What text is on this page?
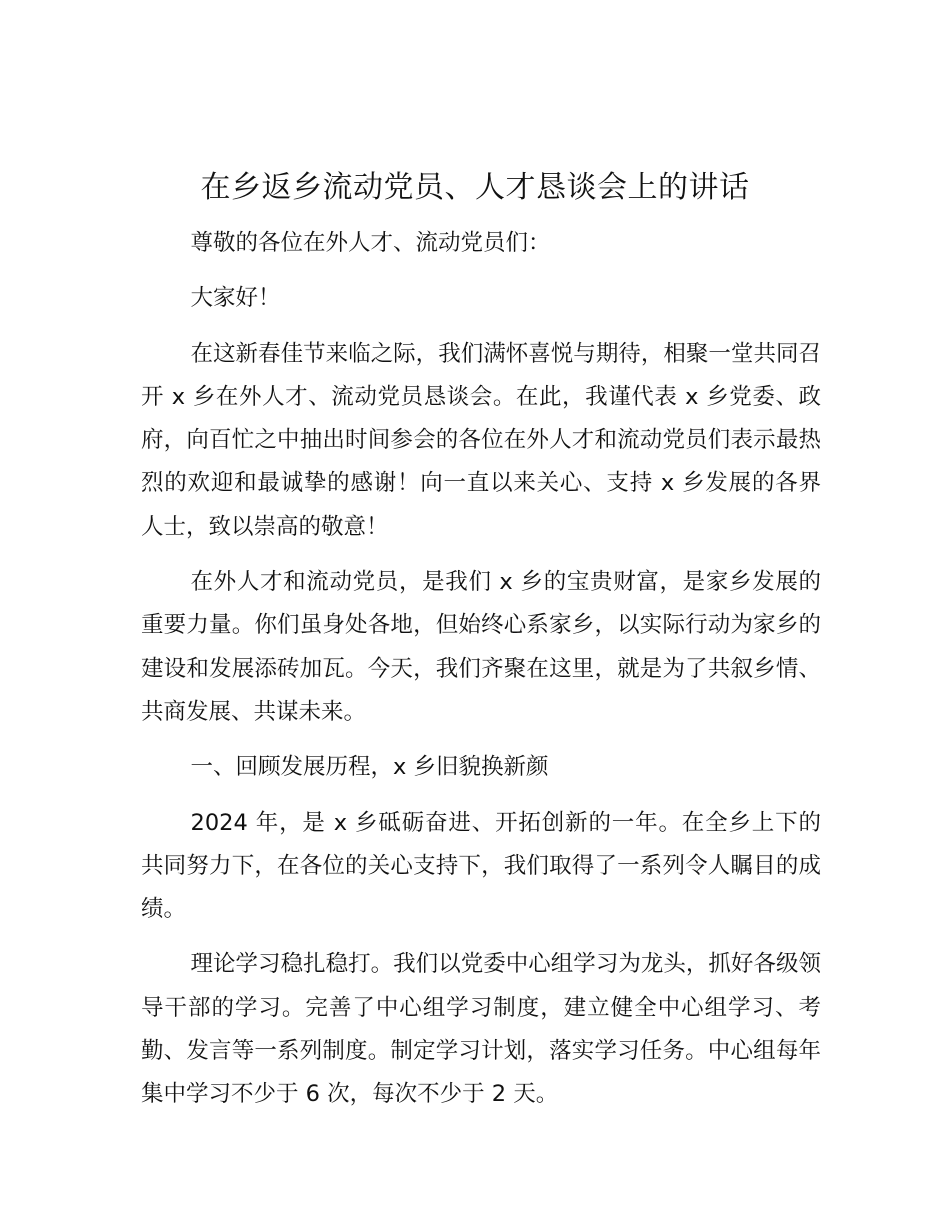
在乡返乡流动党员、人才恳谈会上的讲话

尊敬的各位在外人才、流动党员们：

大家好！

在这新春佳节来临之际，我们满怀喜悦与期待，相聚一堂共同召开 x 乡在外人才、流动党员恳谈会。在此，我谨代表 x 乡党委、政府，向百忙之中抽出时间参会的各位在外人才和流动党员们表示最热烈的欢迎和最诚挚的感谢！向一直以来关心、支持 x 乡发展的各界人士，致以崇高的敬意！

在外人才和流动党员，是我们 x 乡的宝贵财富，是家乡发展的重要力量。你们虽身处各地，但始终心系家乡，以实际行动为家乡的建设和发展添砖加瓦。今天，我们齐聚在这里，就是为了共叙乡情、共商发展、共谋未来。

一、回顾发展历程，x 乡旧貌换新颜

2024 年，是 x 乡砥砺奋进、开拓创新的一年。在全乡上下的共同努力下，在各位的关心支持下，我们取得了一系列令人瞩目的成绩。

理论学习稳扎稳打。我们以党委中心组学习为龙头，抓好各级领导干部的学习。完善了中心组学习制度，建立健全中心组学习、考勤、发言等一系列制度。制定学习计划，落实学习任务。中心组每年集中学习不少于 6 次，每次不少于 2 天。
